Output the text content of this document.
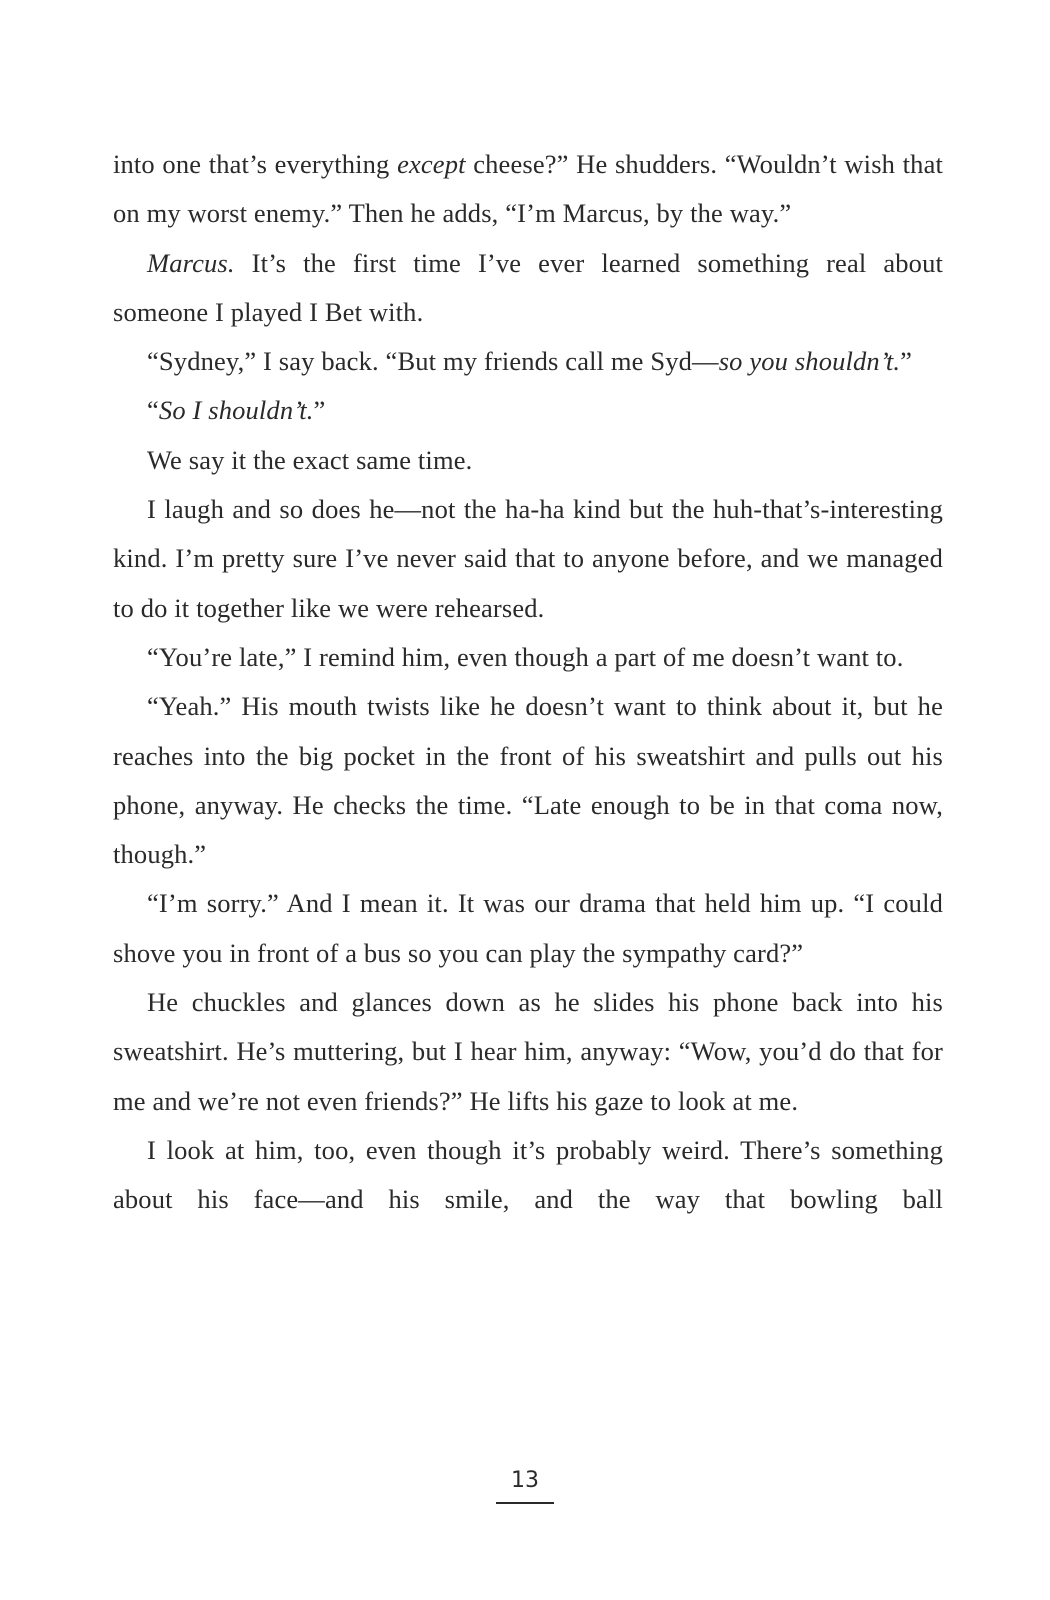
into one that’s everything except cheese?” He shudders. “Wouldn’t wish that on my worst enemy.” Then he adds, “I’m Marcus, by the way.”

Marcus. It’s the first time I’ve ever learned something real about someone I played I Bet with.

“Sydney,” I say back. “But my friends call me Syd—so you shouldn’t.”

“So I shouldn’t.”

We say it the exact same time.

I laugh and so does he—not the ha-ha kind but the huh-that’s-interesting kind. I’m pretty sure I’ve never said that to anyone before, and we managed to do it together like we were rehearsed.

“You’re late,” I remind him, even though a part of me doesn’t want to.

“Yeah.” His mouth twists like he doesn’t want to think about it, but he reaches into the big pocket in the front of his sweatshirt and pulls out his phone, anyway. He checks the time. “Late enough to be in that coma now, though.”

“I’m sorry.” And I mean it. It was our drama that held him up. “I could shove you in front of a bus so you can play the sympathy card?”

He chuckles and glances down as he slides his phone back into his sweatshirt. He’s muttering, but I hear him, anyway: “Wow, you’d do that for me and we’re not even friends?” He lifts his gaze to look at me.

I look at him, too, even though it’s probably weird. There’s something about his face—and his smile, and the way that bowling ball

13
